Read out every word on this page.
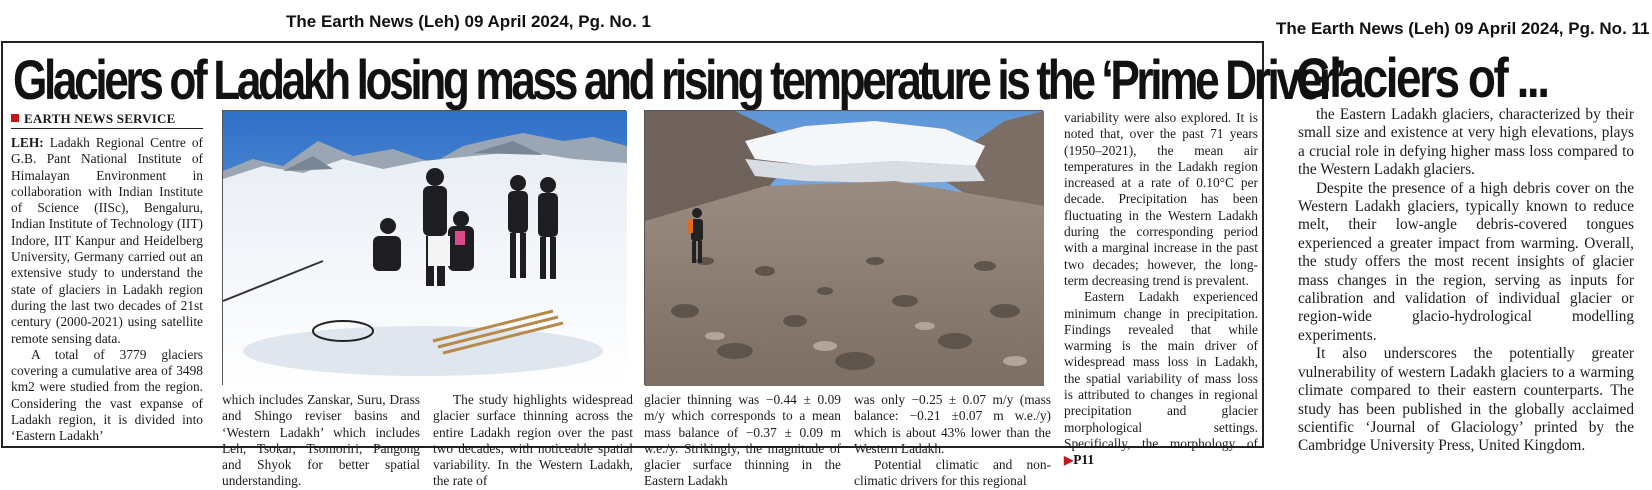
The Earth News (Leh) 09 April 2024, Pg. No. 1	The Earth News (Leh) 09 April 2024, Pg. No. 11
Glaciers of Ladakh losing mass and rising temperature is the ‘Prime Driver’
EARTH NEWS SERVICE

LEH: Ladakh Regional Centre of G.B. Pant National Institute of Himalayan Environment in collaboration with Indian Institute of Science (IISc), Bengaluru, Indian Institute of Technology (IIT) Indore, IIT Kanpur and Heidelberg University, Germany carried out an extensive study to understand the state of glaciers in Ladakh region during the last two decades of 21st century (2000-2021) using satellite remote sensing data.

A total of 3779 glaciers covering a cumulative area of 3498 km2 were studied from the region. Considering the vast expanse of Ladakh region, it is divided into ‘Eastern Ladakh’

which includes Zanskar, Suru, Drass and Shingo reviser basins and ‘Western Ladakh’ which includes Leh, Tsokar, Tsomoriri, Pangong and Shyok for better spatial understanding.

The study highlights widespread glacier surface thinning across the entire Ladakh region over the past two decades, with noticeable spatial variability. In the Western Ladakh, the rate of

glacier thinning was −0.44 ± 0.09 m/y which corresponds to a mean mass balance of −0.37 ± 0.09 m w.e./y. Strikingly, the magnitude of glacier surface thinning in the Eastern Ladakh

was only −0.25 ± 0.07 m/y (mass balance: −0.21 ±0.07 m w.e./y) which is about 43% lower than the Western Ladakh.

Potential climatic and non-climatic drivers for this regional

variability were also explored. It is noted that, over the past 71 years (1950–2021), the mean air temperatures in the Ladakh region increased at a rate of 0.10°C per decade. Precipitation has been fluctuating in the Western Ladakh during the corresponding period with a marginal increase in the past two decades; however, the long-term decreasing trend is prevalent.

Eastern Ladakh experienced minimum change in precipitation. Findings revealed that while warming is the main driver of widespread mass loss in Ladakh, the spatial variability of mass loss is attributed to changes in regional precipitation and glacier morphological settings. Specifically, the morphology of ▶P11

Glaciers of ...

the Eastern Ladakh glaciers, characterized by their small size and existence at very high elevations, plays a crucial role in defying higher mass loss compared to the Western Ladakh glaciers.

Despite the presence of a high debris cover on the Western Ladakh glaciers, typically known to reduce melt, their low-angle debris-covered tongues experienced a greater impact from warming. Overall, the study offers the most recent insights of glacier mass changes in the region, serving as inputs for calibration and validation of individual glacier or region-wide glacio-hydrological modelling experiments.

It also underscores the potentially greater vulnerability of western Ladakh glaciers to a warming climate compared to their eastern counterparts. The study has been published in the globally acclaimed scientific ‘Journal of Glaciology’ printed by the Cambridge University Press, United Kingdom.
